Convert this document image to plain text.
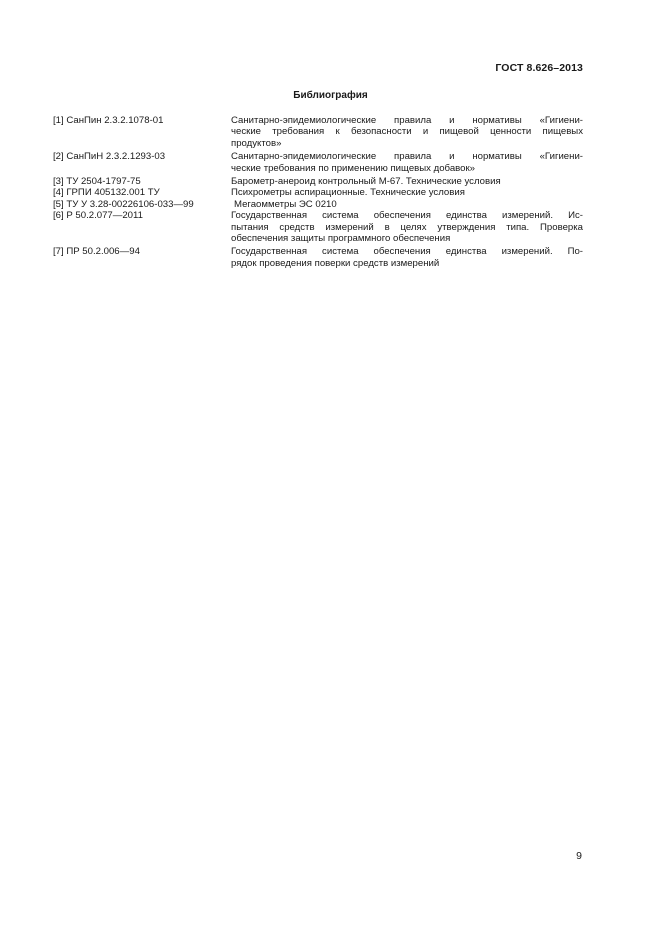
ГОСТ 8.626–2013
Библиография
[1] СанПин 2.3.2.1078-01	Санитарно-эпидемиологические правила и нормативы «Гигиени-
ческие требования к безопасности и пищевой ценности пищевых
продуктов»
[2] СанПиН 2.3.2.1293-03	Санитарно-эпидемиологические правила и нормативы «Гигиени-
ческие требования по применению пищевых добавок»
[3] ТУ 2504-1797-75	Барометр-анероид контрольный М-67. Технические условия
[4] ГРПИ 405132.001 ТУ	Психрометры аспирационные. Технические условия
[5] ТУ У 3.28-00226106-033—99	Мегаомметры ЭС 0210
[6] Р 50.2.077—2011	Государственная система обеспечения единства измерений. Ис-
пытания средств измерений в целях утверждения типа. Проверка
обеспечения защиты программного обеспечения
[7] ПР 50.2.006—94	Государственная система обеспечения единства измерений. По-
рядок проведения поверки средств измерений
9
